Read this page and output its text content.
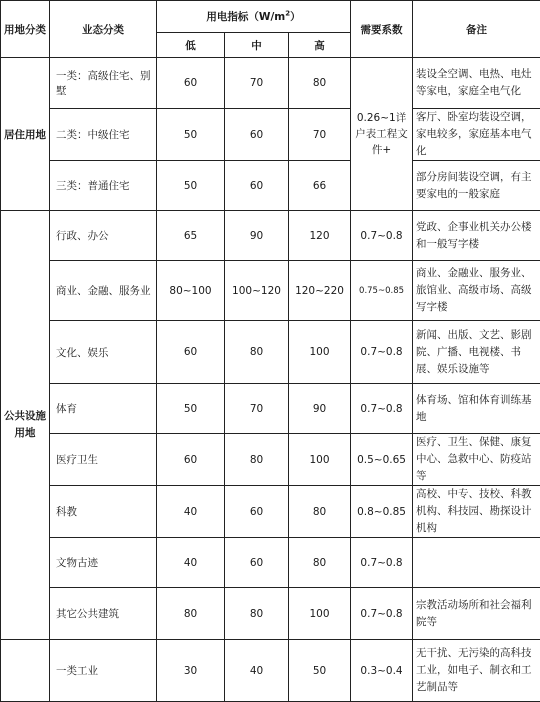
用地分类	业态分类	用电指标$(W/m^2)$			需要系数	备注
		低	中	高		
居住用地	一类：高级住宅、别墅	60	70	80	0.26~1详户表工程文件+	装设全空调、电热、电灶等家电，家庭全电气化
	二类：中级住宅	50	60	70		客厅、卧室均装设空调，家电较多，家庭基本电气化
	三类：普通住宅	50	60	66		部分房间装设空调，有主要家电的一般家庭
公共设施用地	行政、办公	65	90	120	0.7~0.8	党政、企事业机关办公楼和一般写字楼
	商业、金融、服务业	80~100	100~120	120~220	0.75~0.85	商业、金融业、服务业、旅馆业、高级市场、高级写字楼
	文化、娱乐	60	80	100	0.7~0.8	新闻、出版、文艺、影剧院、广播、电视楼、书展、娱乐设施等
	体育	50	70	90	0.7~0.8	体育场、馆和体育训练基地
	医疗卫生	60	80	100	0.5~0.65	医疗、卫生、保健、康复中心、急救中心、防疫站等
	科教	40	60	80	0.8~0.85	高校、中专、技校、科教机构、科技园、勘探设计机构
	文物古迹	40	60	80	0.7~0.8	
	其它公共建筑	80	80	100	0.7~0.8	宗教活动场所和社会福利院等
	一类工业	30	40	50	0.3~0.4	无干扰、无污染的高科技工业，如电子、制衣和工艺制品等
